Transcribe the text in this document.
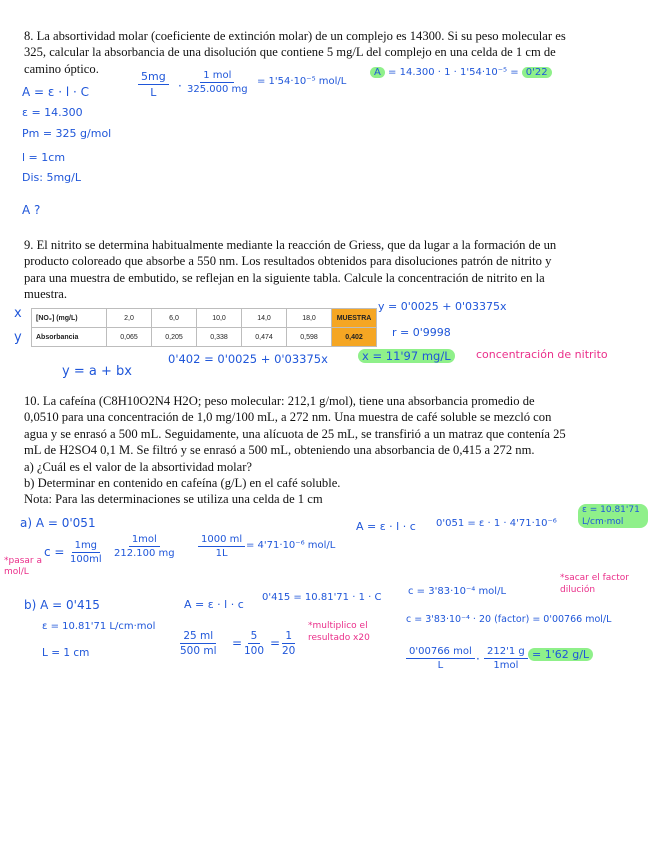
8. La absortividad molar (coeficiente de extinción molar) de un complejo es 14300. Si su peso molecular es
325, calcular la absorbancia de una disolución que contiene 5 mg/L del complejo en una celda de 1 cm de
camino óptico.
A = ε · l · C
ε = 14.300
Pm = 325 g/mol
l = 1cm
Dis: 5mg/L
A ?
$\frac{5mg}{L}$ ·
1 mol
325.000 mg
= 1'54·10⁻⁵ mol/L
A = 14.300 · 1 · 1'54·10⁻⁵ = 0'22
9. El nitrito se determina habitualmente mediante la reacción de Griess, que da lugar a la formación de un
producto coloreado que absorbe a 550 nm. Los resultados obtenidos para disoluciones patrón de nitrito y
para una muestra de embutido, se reflejan en la siguiente tabla. Calcule la concentración de nitrito en la
muestra.
x
y
[NO₂] (mg/L)	2,0	6,0	10,0	14,0	18,0	MUESTRA
Absorbancia	0,065	0,205	0,338	0,474	0,598	0,402
y = 0'0025 + 0'03375x
r = 0'9998
y = a + bx
0'402 = 0'0025 + 0'03375x	x = 11'97 mg/L	concentración de nitrito
10. La cafeína (C8H10O2N4 H2O; peso molecular: 212,1 g/mol), tiene una absorbancia promedio de
0,0510 para una concentración de 1,0 mg/100 mL, a 272 nm. Una muestra de café soluble se mezcló con
agua y se enrasó a 500 mL. Seguidamente, una alícuota de 25 mL, se transfirió a un matraz que contenía 25
mL de H2SO4 0,1 M. Se filtró y se enrasó a 500 mL, obteniendo una absorbancia de 0,415 a 272 nm.
a) ¿Cuál es el valor de la absortividad molar?
b) Determinar en contenido en cafeína (g/L) en el café soluble.
Nota: Para las determinaciones se utiliza una celda de 1 cm
a) A = 0'051
*pasar a mol/L
$c = \frac{1mg}{100ml}$
1mol
212.100 mg $\frac{1000 ml}{1L} = 4'71\cdot 10^{-6}$ mol/L
A = ε · l · c 0'051 = ε · 1 · 4'71·10⁻⁶
ε = 10.81'71 L/cm·mol
b) A = 0'415
ε = 10.81'71 L/cm·mol
L = 1 cm
A = ε · l · c
0'415 = 10.81'71 · 1 · C
c = 3'83·10⁻⁴ mol/L
*sacar el factor dilución
$\frac{25 ml}{500 ml} = \frac{5}{100} = \frac{1}{20}$
*multiplico el resultado x20
c = 3'83·10⁻⁴ · 20 (factor) = 0'00766 mol/L
0'00766 mol
L	·
212'1 g
1mol
= 1'62 g/L
